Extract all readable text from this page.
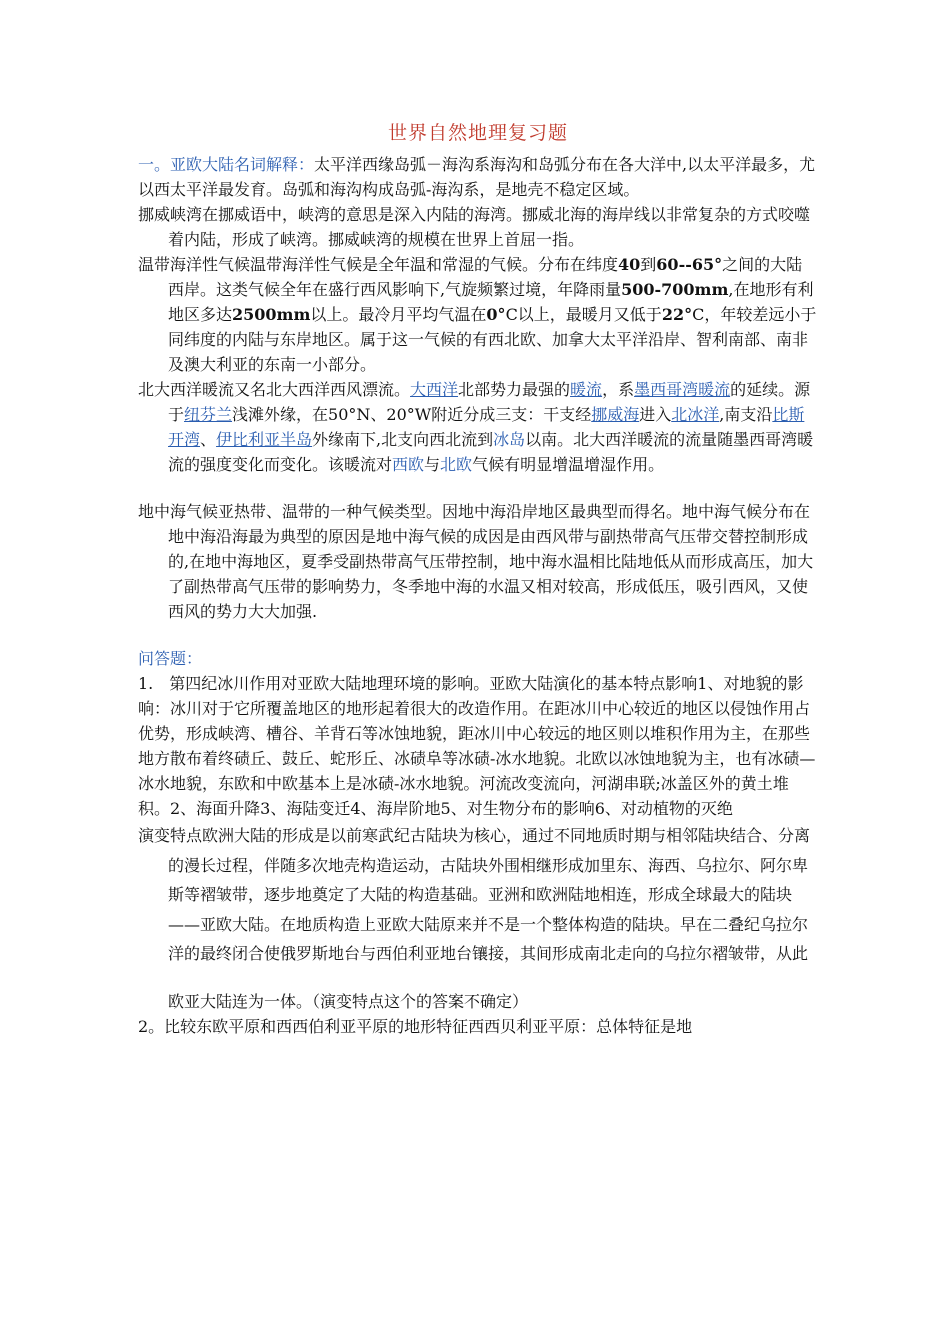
世界自然地理复习题

一。亚欧大陆名词解释：太平洋西缘岛弧－海沟系海沟和岛弧分布在各大洋中,以太平洋最多，尤以西太平洋最发育。岛弧和海沟构成岛弧-海沟系，是地壳不稳定区域。

挪威峡湾在挪威语中，峡湾的意思是深入内陆的海湾。挪威北海的海岸线以非常复杂的方式咬噬着内陆，形成了峡湾。挪威峡湾的规模在世界上首屈一指。

温带海洋性气候温带海洋性气候是全年温和常湿的气候。分布在纬度40到60--65°之间的大陆西岸。这类气候全年在盛行西风影响下,气旋频繁过境，年降雨量500-700mm,在地形有利地区多达2500mm以上。最冷月平均气温在0°C以上，最暖月又低于22°C，年较差远小于同纬度的内陆与东岸地区。属于这一气候的有西北欧、加拿大太平洋沿岸、智利南部、南非及澳大利亚的东南一小部分。

北大西洋暖流又名北大西洋西风漂流。大西洋北部势力最强的暖流，系墨西哥湾暖流的延续。源于纽芬兰浅滩外缘，在50°N、20°W附近分成三支：干支经挪威海进入北冰洋,南支沿比斯开湾、伊比利亚半岛外缘南下,北支向西北流到冰岛以南。北大西洋暖流的流量随墨西哥湾暖流的强度变化而变化。该暖流对西欧与北欧气候有明显增温增湿作用。

地中海气候亚热带、温带的一种气候类型。因地中海沿岸地区最典型而得名。地中海气候分布在地中海沿海最为典型的原因是地中海气候的成因是由西风带与副热带高气压带交替控制形成的,在地中海地区，夏季受副热带高气压带控制，地中海水温相比陆地低从而形成高压，加大了副热带高气压带的影响势力，冬季地中海的水温又相对较高，形成低压，吸引西风，又使西风的势力大大加强.

问答题：

1.　第四纪冰川作用对亚欧大陆地理环境的影响。亚欧大陆演化的基本特点影响1、对地貌的影响：冰川对于它所覆盖地区的地形起着很大的改造作用。在距冰川中心较近的地区以侵蚀作用占优势，形成峡湾、槽谷、羊背石等冰蚀地貌，距冰川中心较远的地区则以堆积作用为主，在那些地方散布着终碛丘、鼓丘、蛇形丘、冰碛阜等冰碛-冰水地貌。北欧以冰蚀地貌为主，也有冰碛—冰水地貌，东欧和中欧基本上是冰碛-冰水地貌。河流改变流向，河湖串联;冰盖区外的黄土堆积。2、海面升降3、海陆变迁4、海岸阶地5、对生物分布的影响6、对动植物的灭绝

演变特点欧洲大陆的形成是以前寒武纪古陆块为核心，通过不同地质时期与相邻陆块结合、分离的漫长过程，伴随多次地壳构造运动，古陆块外围相继形成加里东、海西、乌拉尔、阿尔卑斯等褶皱带，逐步地奠定了大陆的构造基础。亚洲和欧洲陆地相连，形成全球最大的陆块——亚欧大陆。在地质构造上亚欧大陆原来并不是一个整体构造的陆块。早在二叠纪乌拉尔洋的最终闭合使俄罗斯地台与西伯利亚地台镶接，其间形成南北走向的乌拉尔褶皱带，从此

欧亚大陆连为一体。（演变特点这个的答案不确定）

2。比较东欧平原和西西伯利亚平原的地形特征西西贝利亚平原：总体特征是地
